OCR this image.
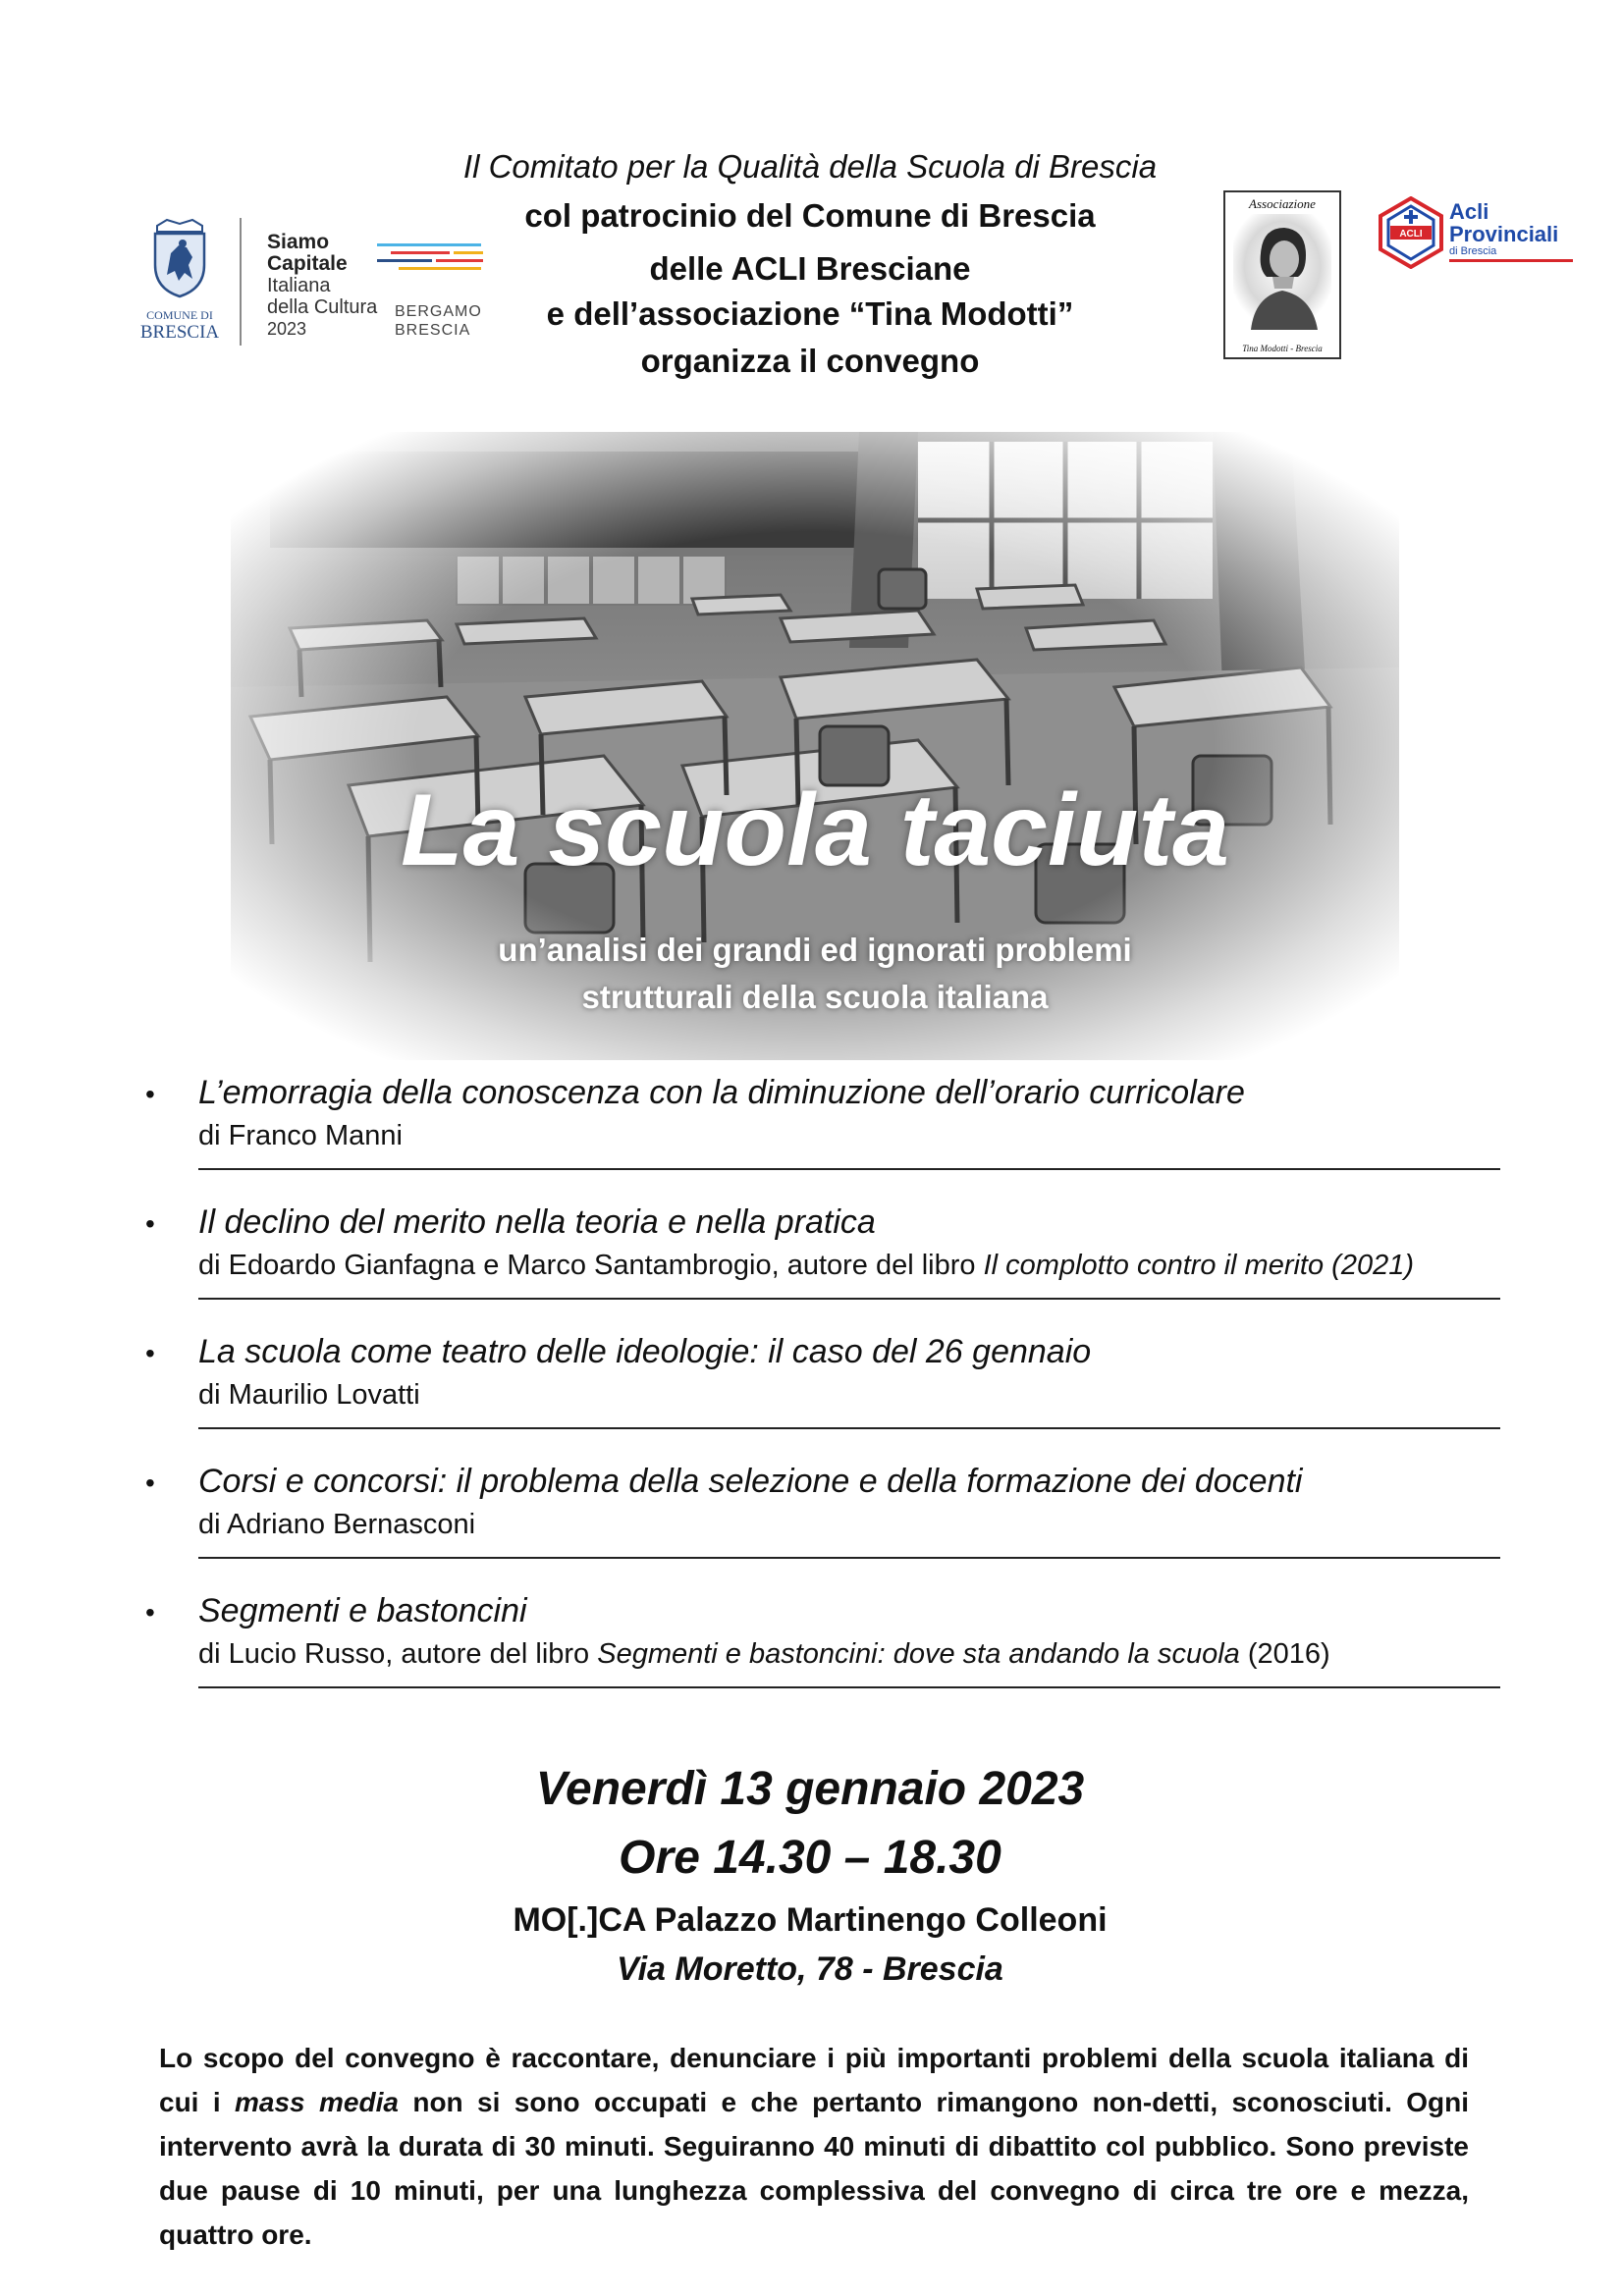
Il Comitato per la Qualità della Scuola di Brescia
col patrocinio del Comune di Brescia
delle ACLI Bresciane
e dell’associazione “Tina Modotti”
organizza il convegno
COMUNE DI
BRESCIA
Siamo
Capitale
Italiana
della Cultura
2023
BERGAMO
BRESCIA
Associazione
Tina Modotti - Brescia
ACLI
Acli
Provinciali
di Brescia
La scuola taciuta
un’analisi dei grandi ed ignorati problemi
strutturali della scuola italiana
• L’emorragia della conoscenza con la diminuzione dell’orario curricolare
di Franco Manni
• Il declino del merito nella teoria e nella pratica
di Edoardo Gianfagna e Marco Santambrogio, autore del libro Il complotto contro il merito (2021)
• La scuola come teatro delle ideologie: il caso del 26 gennaio
di Maurilio Lovatti
• Corsi e concorsi: il problema della selezione e della formazione dei docenti
di Adriano Bernasconi
• Segmenti e bastoncini
di Lucio Russo, autore del libro Segmenti e bastoncini: dove sta andando la scuola (2016)
Venerdì 13 gennaio 2023
Ore 14.30 – 18.30
MO[.]CA Palazzo Martinengo Colleoni
Via Moretto, 78 - Brescia
Lo scopo del convegno è raccontare, denunciare i più importanti problemi della scuola italiana di cui i mass media non si sono occupati e che pertanto rimangono non-detti, sconosciuti. Ogni intervento avrà la durata di 30 minuti. Seguiranno 40 minuti di dibattito col pubblico. Sono previste due pause di 10 minuti, per una lunghezza complessiva del convegno di circa tre ore e mezza, quattro ore.
